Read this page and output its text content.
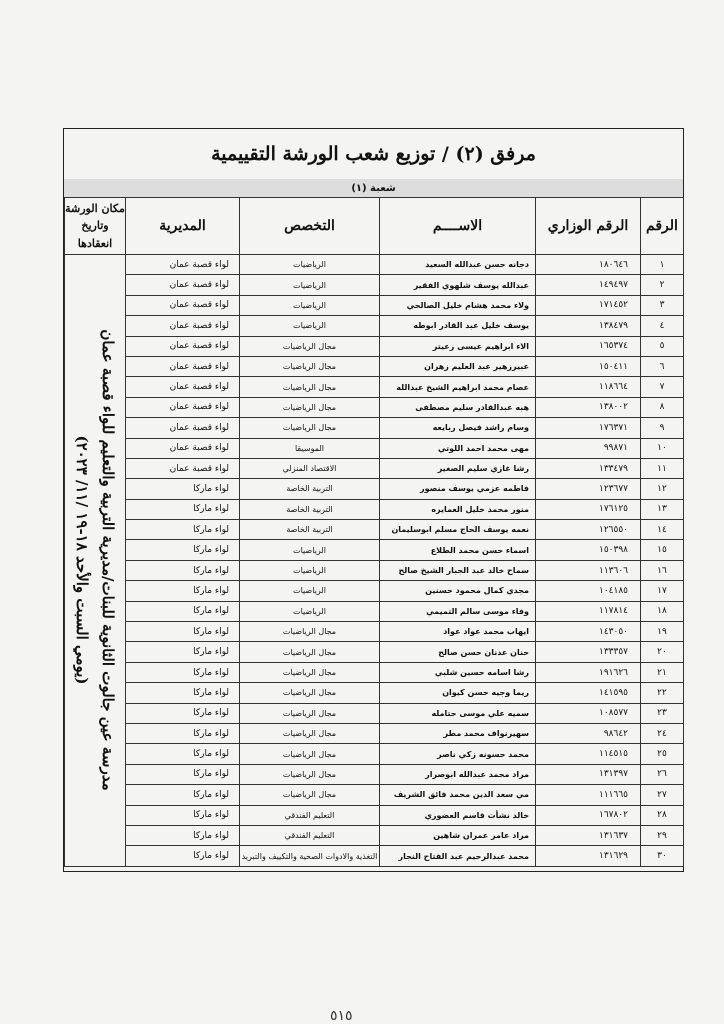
مرفق (٢) / توزيع شعب الورشة التقييمية
شعبة (١)
الرقم	الرقم الوزاري	الاســــم	التخصص	المديرية	مكان الورشة وتاريخ انعقادها
١	١٨٠٦٤٦	دجانه حسن عبدالله السعيد	الرياضيات	لواء قصبة عمان	مدرسة عين جالوت الثانوية للبنات/مديرية التربية والتعليم للواء قصبة عمان
(يومي السبت والأحد ١٨-١٩ /١١/ ٢٠٢٣)

٢	١٤٩٤٩٧	عبدالله يوسف شلهوي الفقير	الرياضيات	لواء قصبة عمان	
٣	١٧١٤٥٢	ولاء محمد هشام خليل الصالحي	الرياضيات	لواء قصبة عمان	
٤	١٣٨٤٧٩	يوسف خليل عبد القادر ابوطه	الرياضيات	لواء قصبة عمان	
٥	١٦٥٣٧٤	الاء ابراهيم عيسى زعيتر	مجال الرياضيات	لواء قصبة عمان	
٦	١٥٠٤١١	عبيرزهير عبد العليم زهران	مجال الرياضيات	لواء قصبة عمان	
٧	١١٨٦٦٤	عصام محمد ابراهيم الشيخ عبدالله	مجال الرياضيات	لواء قصبة عمان	
٨	١٣٨٠٠٢	هبه عبدالقادر سليم مصطفى	مجال الرياضيات	لواء قصبة عمان	
٩	١٧٦٣٧١	وسام راشد فيصل ربايعه	مجال الرياضيات	لواء قصبة عمان	
١٠	٩٩٨٧١	مهى محمد احمد اللوتي	الموسيقا	لواء قصبة عمان	
١١	١٣٣٤٧٩	رشا غازي سليم الصغير	الاقتصاد المنزلي	لواء قصبة عمان	
١٢	١٢٣٦٧٧	فاطمه عزمي يوسف منصور	التربية الخاصة	لواء ماركا	
١٣	١٧٦١٢٥	منور محمد خليل العمايره	التربية الخاصة	لواء ماركا	
١٤	١٢٦٥٥٠	نعمه يوسف الحاج مسلم ابوسليمان	التربية الخاصة	لواء ماركا	
١٥	١٥٠٣٩٨	اسماء حسن محمد الطلاع	الرياضيات	لواء ماركا	
١٦	١١٣٦٠٦	سماح خالد عبد الجبار الشيخ صالح	الرياضيات	لواء ماركا	
١٧	١٠٤١٨٥	مجدي كمال محمود حسنين	الرياضيات	لواء ماركا	
١٨	١١٧٨١٤	وفاء موسى سالم التميمي	الرياضيات	لواء ماركا	
١٩	١٤٣٠٥٠	ايهاب محمد عواد عواد	مجال الرياضيات	لواء ماركا	
٢٠	١٣٣٣٥٧	حنان عدنان حسن صالح	مجال الرياضيات	لواء ماركا	
٢١	١٩١٦٢٦	رشا اسامه حسين شلبي	مجال الرياضيات	لواء ماركا	
٢٢	١٤١٥٩٥	ريما وجيه حسن كيوان	مجال الرياضيات	لواء ماركا	
٢٣	١٠٨٥٧٧	سميه علي موسى حتامله	مجال الرياضيات	لواء ماركا	
٢٤	٩٨٦٤٢	سهيرنواف محمد مطر	مجال الرياضيات	لواء ماركا	
٢٥	١١٤٥١٥	محمد حسونه زكي ناصر	مجال الرياضيات	لواء ماركا	
٢٦	١٣١٣٩٧	مراد محمد عبدالله ابوصرار	مجال الرياضيات	لواء ماركا	
٢٧	١١١٦٦٥	مي سعد الدين محمد فائق الشريف	مجال الرياضيات	لواء ماركا	
٢٨	١٦٧٨٠٢	خالد نشأت قاسم العضوري	التعليم الفندقي	لواء ماركا	
٢٩	١٣١٦٣٧	مراد عامر عمران شاهين	التعليم الفندقي	لواء ماركا	
٣٠	١٣١٦٢٩	محمد عبدالرحيم عبد الفتاح النجار	التغذية والادوات الصحية والتكييف والتبريد	لواء ماركا	
٥١٥
